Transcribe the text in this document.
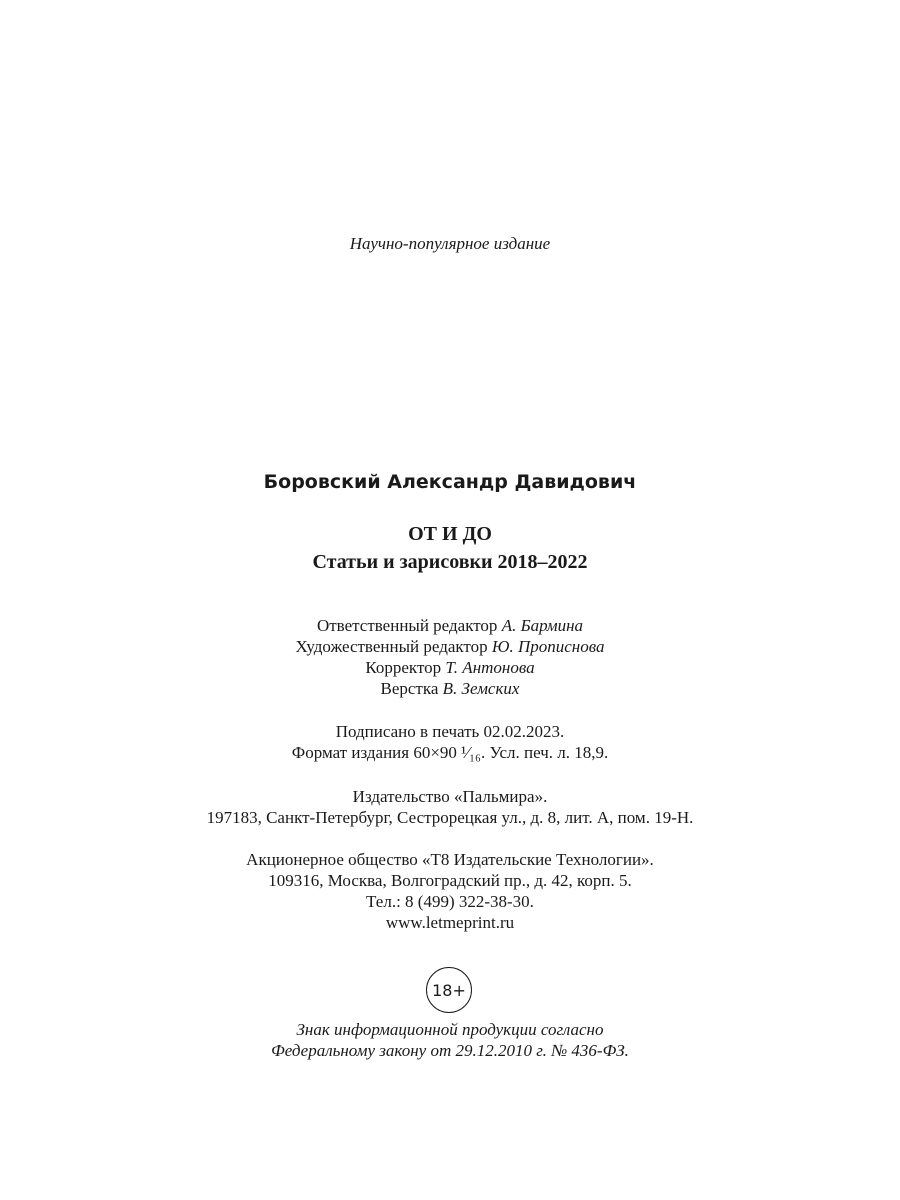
Научно-популярное издание
Боровский Александр Давидович
ОТ И ДО
Статьи и зарисовки 2018–2022
Ответственный редактор А. Бармина
Художественный редактор Ю. Прописнова
Корректор Т. Антонова
Верстка В. Земских
Подписано в печать 02.02.2023.
Формат издания 60×90 ¹⁄₁₆. Усл. печ. л. 18,9.
Издательство «Пальмира».
197183, Санкт-Петербург, Сестрорецкая ул., д. 8, лит. А, пом. 19-Н.
Акционерное общество «Т8 Издательские Технологии».
109316, Москва, Волгоградский пр., д. 42, корп. 5.
Тел.: 8 (499) 322-38-30.
www.letmeprint.ru
18+
Знак информационной продукции согласно
Федеральному закону от 29.12.2010 г. № 436-ФЗ.
